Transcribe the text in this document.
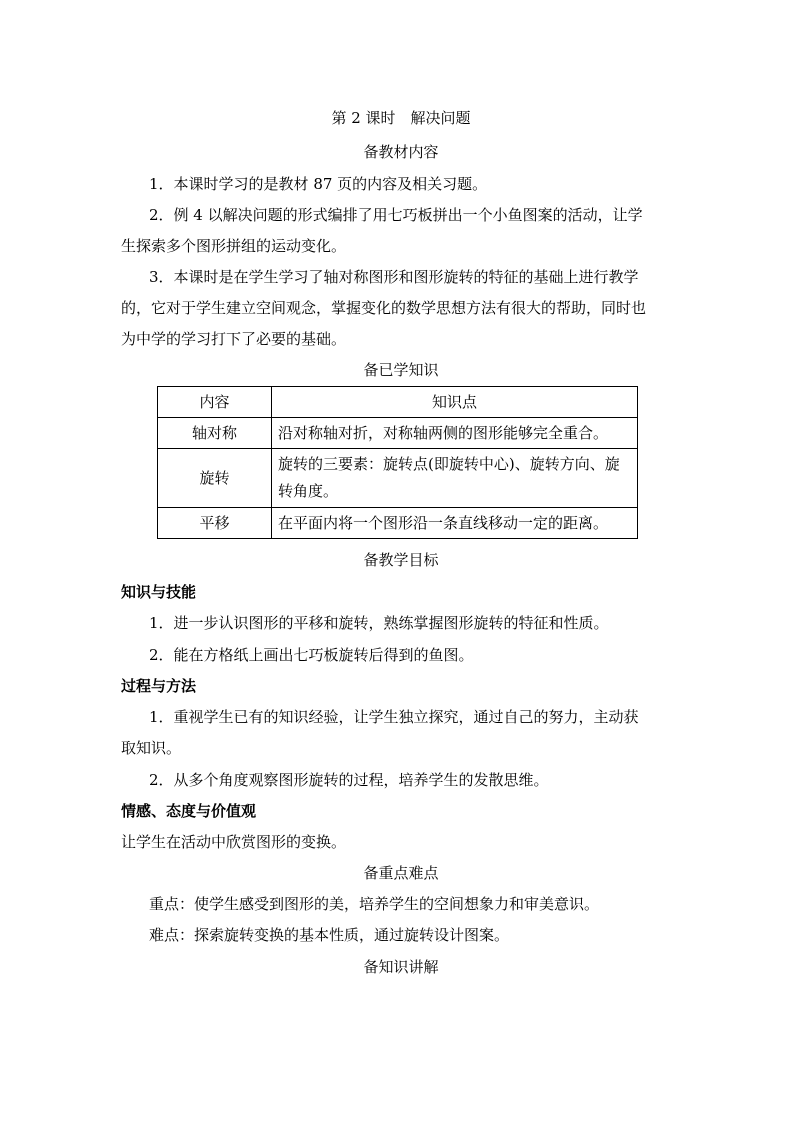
第 2 课时　解决问题
备教材内容
1．本课时学习的是教材 87 页的内容及相关习题。
2．例 4 以解决问题的形式编排了用七巧板拼出一个小鱼图案的活动，让学
生探索多个图形拼组的运动变化。
3．本课时是在学生学习了轴对称图形和图形旋转的特征的基础上进行教学
的，它对于学生建立空间观念，掌握变化的数学思想方法有很大的帮助，同时也
为中学的学习打下了必要的基础。
备已学知识
内容	知识点
轴对称	沿对称轴对折，对称轴两侧的图形能够完全重合。
旋转	旋转的三要素：旋转点(即旋转中心)、旋转方向、旋转角度。
平移	在平面内将一个图形沿一条直线移动一定的距离。
备教学目标
知识与技能
1．进一步认识图形的平移和旋转，熟练掌握图形旋转的特征和性质。
2．能在方格纸上画出七巧板旋转后得到的鱼图。
过程与方法
1．重视学生已有的知识经验，让学生独立探究，通过自己的努力，主动获
取知识。
2．从多个角度观察图形旋转的过程，培养学生的发散思维。
情感、态度与价值观
让学生在活动中欣赏图形的变换。
备重点难点
重点：使学生感受到图形的美，培养学生的空间想象力和审美意识。
难点：探索旋转变换的基本性质，通过旋转设计图案。
备知识讲解
